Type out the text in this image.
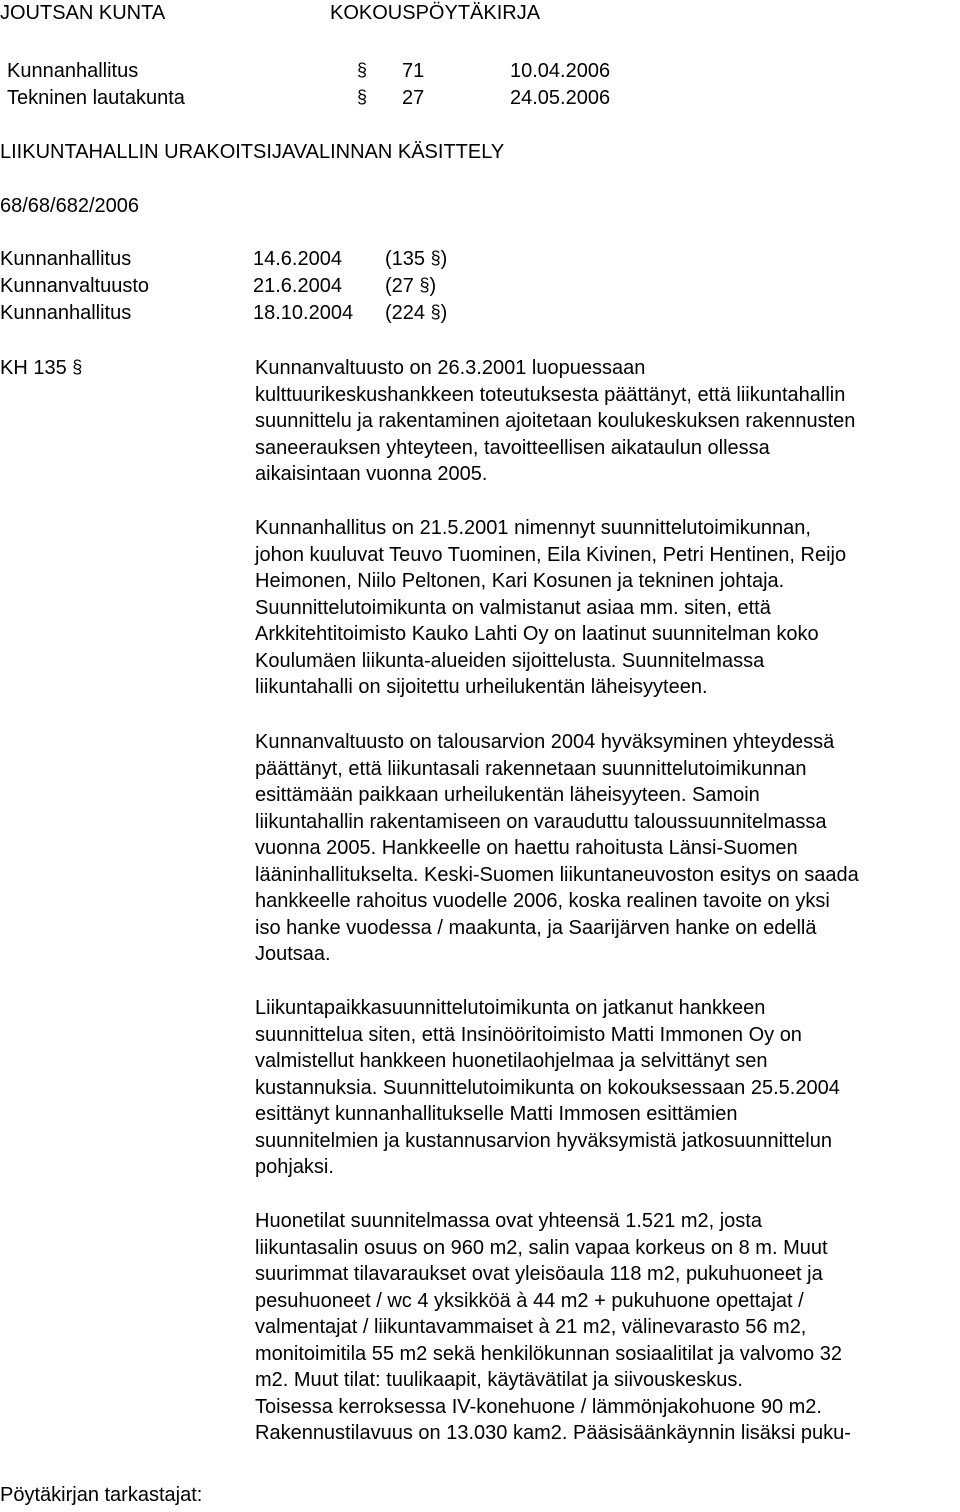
JOUTSAN KUNTA	KOKOUSPÖYTÄKIRJA
Kunnanhallitus	§ 71	10.04.2006
Tekninen lautakunta	§ 27	24.05.2006
LIIKUNTAHALLIN URAKOITSIJAVALINNAN KÄSITTELY
68/68/682/2006
Kunnanhallitus	14.6.2004 (135 §)
Kunnanvaltuusto	21.6.2004 (27 §)
Kunnanhallitus	18.10.2004 (224 §)
KH 135 §	Kunnanvaltuusto on 26.3.2001 luopuessaan

kulttuurikeskushankkeen toteutuksesta päättänyt, että liikuntahallin

suunnittelu ja rakentaminen ajoitetaan koulukeskuksen rakennusten

saneerauksen yhteyteen, tavoitteellisen aikataulun ollessa

aikaisintaan vuonna 2005.

Kunnanhallitus on 21.5.2001 nimennyt suunnittelutoimikunnan,

johon kuuluvat Teuvo Tuominen, Eila Kivinen, Petri Hentinen, Reijo

Heimonen, Niilo Peltonen, Kari Kosunen ja tekninen johtaja.

Suunnittelutoimikunta on valmistanut asiaa mm. siten, että

Arkkitehtitoimisto Kauko Lahti Oy on laatinut suunnitelman koko

Koulumäen liikunta-alueiden sijoittelusta. Suunnitelmassa

liikuntahalli on sijoitettu urheilukentän läheisyyteen.

Kunnanvaltuusto on talousarvion 2004 hyväksyminen yhteydessä

päättänyt, että liikuntasali rakennetaan suunnittelutoimikunnan

esittämään paikkaan urheilukentän läheisyyteen. Samoin

liikuntahallin rakentamiseen on varauduttu taloussuunnitelmassa

vuonna 2005. Hankkeelle on haettu rahoitusta Länsi-Suomen

lääninhallitukselta. Keski-Suomen liikuntaneuvoston esitys on saada

hankkeelle rahoitus vuodelle 2006, koska realinen tavoite on yksi

iso hanke vuodessa / maakunta, ja Saarijärven hanke on edellä

Joutsaa.

Liikuntapaikkasuunnittelutoimikunta on jatkanut hankkeen

suunnittelua siten, että Insinööritoimisto Matti Immonen Oy on

valmistellut hankkeen huonetilaohjelmaa ja selvittänyt sen

kustannuksia. Suunnittelutoimikunta on kokouksessaan 25.5.2004

esittänyt kunnanhallitukselle Matti Immosen esittämien

suunnitelmien ja kustannusarvion hyväksymistä jatkosuunnittelun

pohjaksi.

Huonetilat suunnitelmassa ovat yhteensä 1.521 m2, josta

liikuntasalin osuus on 960 m2, salin vapaa korkeus on 8 m. Muut

suurimmat tilavaraukset ovat yleisöaula 118 m2, pukuhuoneet ja

pesuhuoneet / wc 4 yksikköä à 44 m2 + pukuhuone opettajat /

valmentajat / liikuntavammaiset à 21 m2, välinevarasto 56 m2,

monitoimitila 55 m2 sekä henkilökunnan sosiaalitilat ja valvomo 32

m2. Muut tilat: tuulikaapit, käytävätilat ja siivouskeskus.

Toisessa kerroksessa IV-konehuone / lämmönjakohuone 90 m2.

Rakennustilavuus on 13.030 kam2. Pääsisäänkäynnin lisäksi puku-

Pöytäkirjan tarkastajat:
